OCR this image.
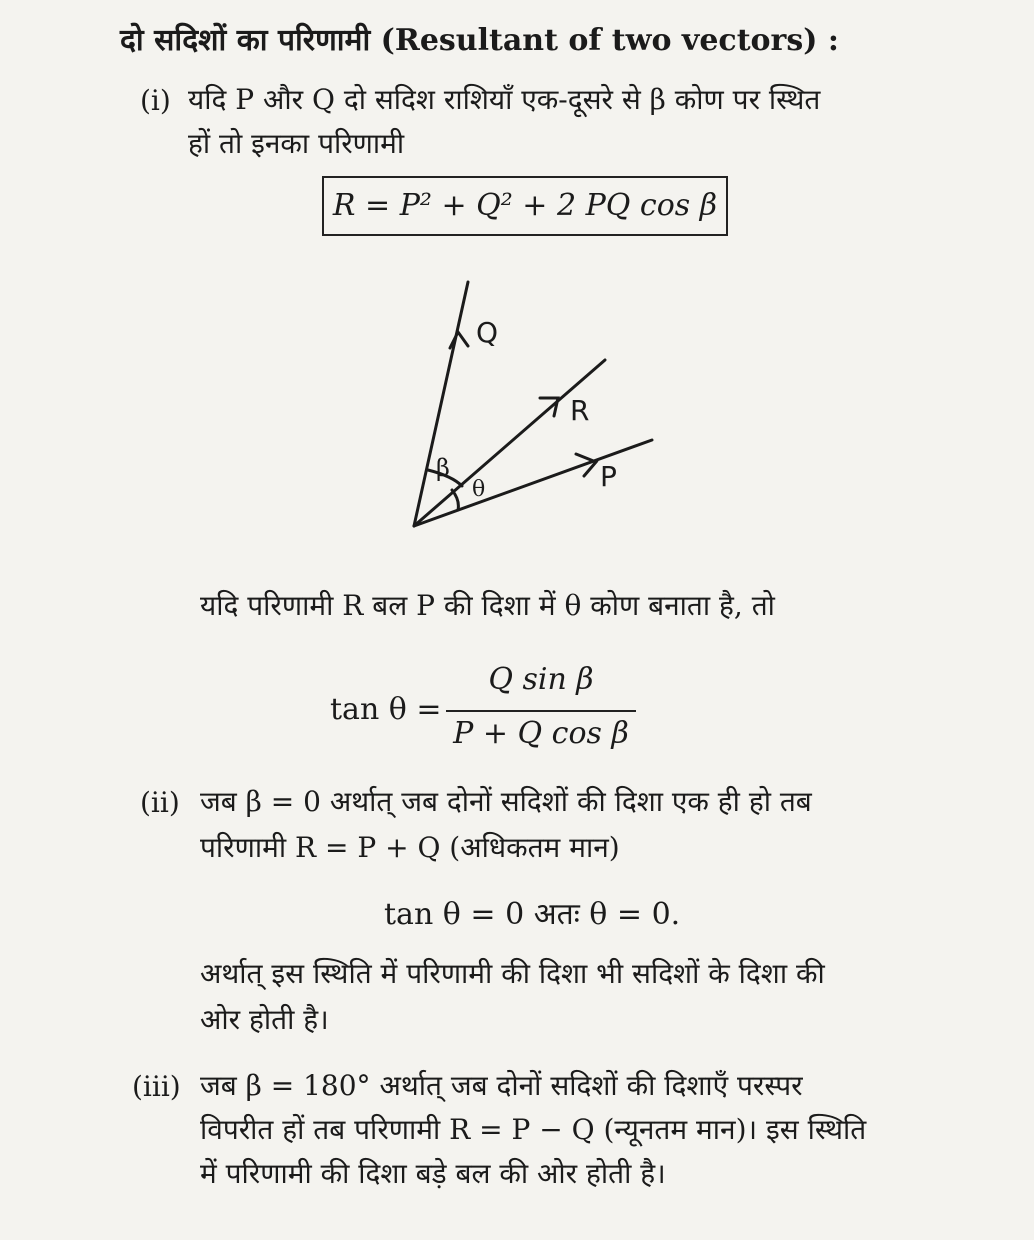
दो सदिशों का परिणामी (Resultant of two vectors) :
(i) यदि P और Q दो सदिश राशियाँ एक-दूसरे से β कोण पर स्थित
हों तो इनका परिणामी
R = P² + Q² + 2 PQ cos β
Q
R
P
β
θ
यदि परिणामी R बल P की दिशा में θ कोण बनाता है, तो
tan θ =
Q sin β
P + Q cos β
(ii) जब β = 0 अर्थात् जब दोनों सदिशों की दिशा एक ही हो तब
परिणामी R = P + Q (अधिकतम मान)
tan θ = 0 अतः θ = 0.
अर्थात् इस स्थिति में परिणामी की दिशा भी सदिशों के दिशा की
ओर होती है।
(iii) जब β = 180° अर्थात् जब दोनों सदिशों की दिशाएँ परस्पर
विपरीत हों तब परिणामी R = P − Q (न्यूनतम मान)। इस स्थिति
में परिणामी की दिशा बड़े बल की ओर होती है।
